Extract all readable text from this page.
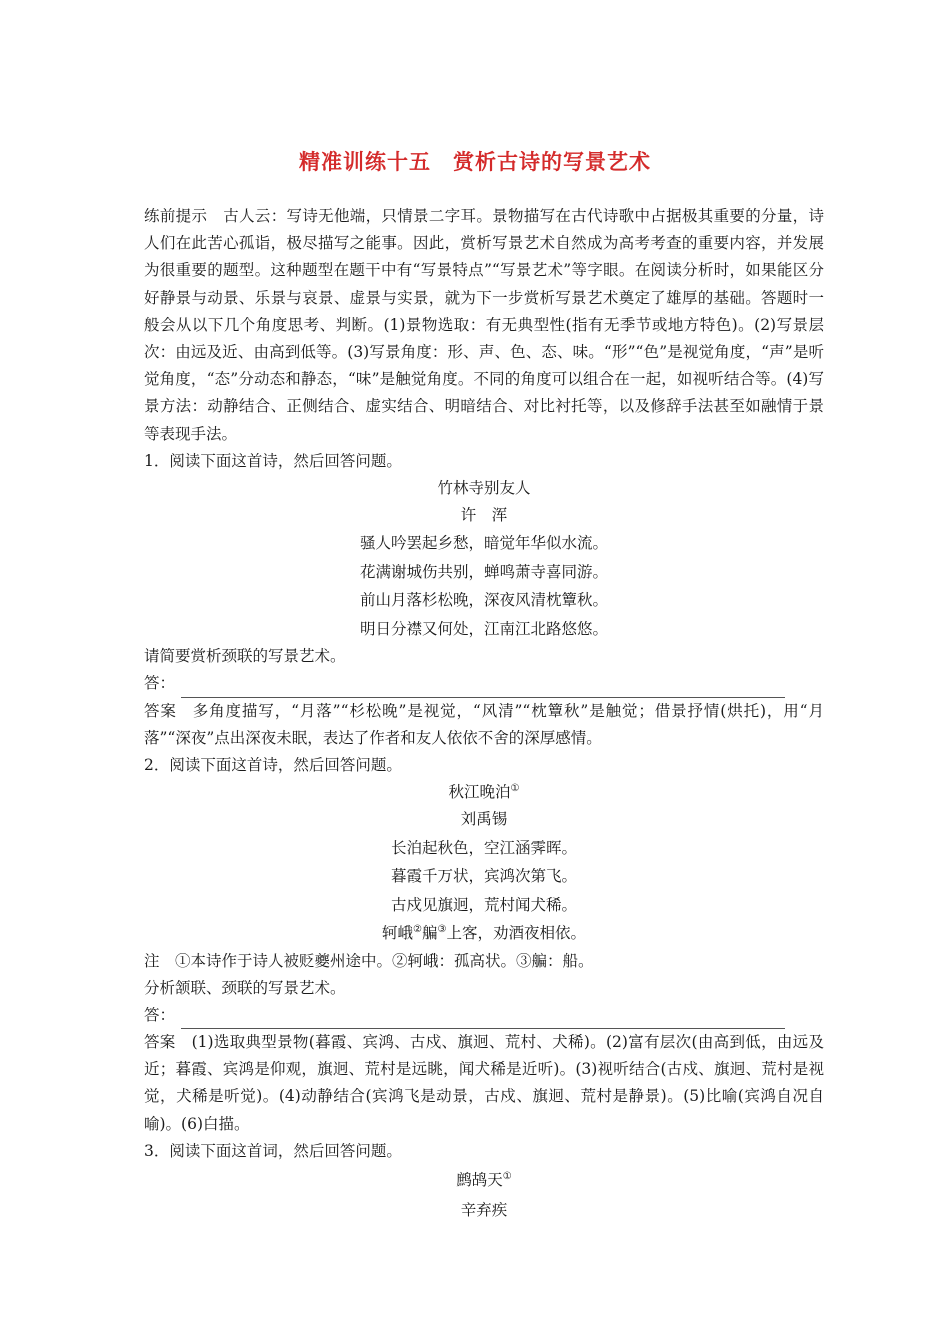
精准训练十五　赏析古诗的写景艺术

练前提示 古人云：写诗无他端，只情景二字耳。景物描写在古代诗歌中占据极其重要的分量，诗人们在此苦心孤诣，极尽描写之能事。因此，赏析写景艺术自然成为高考考查的重要内容，并发展为很重要的题型。这种题型在题干中有“写景特点”“写景艺术”等字眼。在阅读分析时，如果能区分好静景与动景、乐景与哀景、虚景与实景，就为下一步赏析写景艺术奠定了雄厚的基础。答题时一般会从以下几个角度思考、判断。(1)景物选取：有无典型性(指有无季节或地方特色)。(2)写景层次：由远及近、由高到低等。(3)写景角度：形、声、色、态、味。“形”“色”是视觉角度，“声”是听觉角度，“态”分动态和静态，“味”是触觉角度。不同的角度可以组合在一起，如视听结合等。(4)写景方法：动静结合、正侧结合、虚实结合、明暗结合、对比衬托等，以及修辞手法甚至如融情于景等表现手法。

1．阅读下面这首诗，然后回答问题。

竹林寺别友人

许　浑

骚人吟罢起乡愁，暗觉年华似水流。

花满谢城伤共别，蝉鸣萧寺喜同游。

前山月落杉松晚，深夜风清枕簟秋。

明日分襟又何处，江南江北路悠悠。

请简要赏析颈联的写景艺术。

答：

答案 多角度描写，“月落”“杉松晚”是视觉，“风清”“枕簟秋”是触觉；借景抒情(烘托)，用“月落”“深夜”点出深夜未眠，表达了作者和友人依依不舍的深厚感情。

2．阅读下面这首诗，然后回答问题。

秋江晚泊①

刘禹锡

长泊起秋色，空江涵霁晖。

暮霞千万状，宾鸿次第飞。

古戍见旗迥，荒村闻犬稀。

轲峨②艑③上客，劝酒夜相依。

注　①本诗作于诗人被贬夔州途中。②轲峨：孤高状。③艑：船。

分析颔联、颈联的写景艺术。

答：

答案 (1)选取典型景物(暮霞、宾鸿、古戍、旗迥、荒村、犬稀)。(2)富有层次(由高到低，由远及近；暮霞、宾鸿是仰观，旗迥、荒村是远眺，闻犬稀是近听)。(3)视听结合(古戍、旗迥、荒村是视觉，犬稀是听觉)。(4)动静结合(宾鸿飞是动景，古戍、旗迥、荒村是静景)。(5)比喻(宾鸿自况自喻)。(6)白描。

3．阅读下面这首词，然后回答问题。

鹧鸪天①

辛弃疾
